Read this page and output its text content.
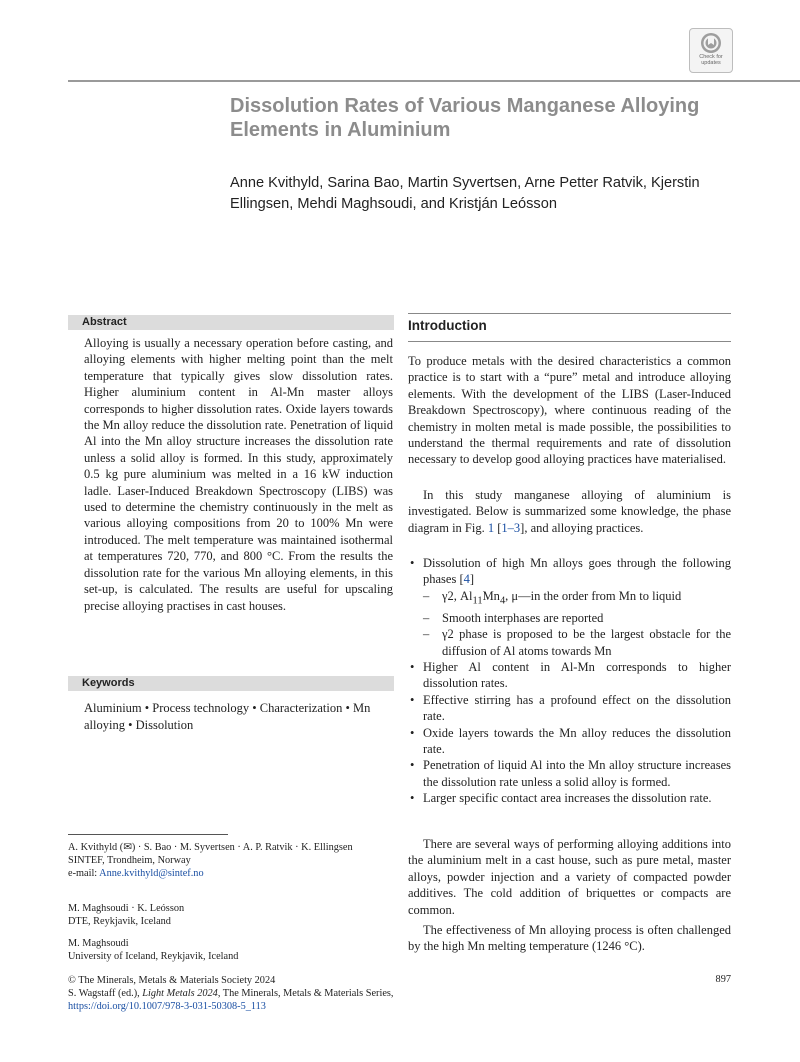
Check for
updates
Dissolution Rates of Various Manganese Alloying Elements in Aluminium
Anne Kvithyld, Sarina Bao, Martin Syvertsen, Arne Petter Ratvik, Kjerstin Ellingsen, Mehdi Maghsoudi, and Kristján Leósson
Abstract
Alloying is usually a necessary operation before casting, and alloying elements with higher melting point than the melt temperature that typically gives slow dissolution rates. Higher aluminium content in Al-Mn master alloys corresponds to higher dissolution rates. Oxide layers towards the Mn alloy reduce the dissolution rate. Penetration of liquid Al into the Mn alloy structure increases the dissolution rate unless a solid alloy is formed. In this study, approximately 0.5 kg pure aluminium was melted in a 16 kW induction ladle. Laser-Induced Breakdown Spectroscopy (LIBS) was used to determine the chemistry continuously in the melt as various alloying compositions from 20 to 100% Mn were introduced. The melt temperature was maintained isothermal at temperatures 720, 770, and 800 °C. From the results the dissolution rate for the various Mn alloying elements, in this set-up, is calculated. The results are useful for upscaling precise alloying practises in cast houses.
Keywords
Aluminium • Process technology • Characterization • Mn alloying • Dissolution

A. Kvithyld (✉) · S. Bao · M. Syvertsen · A. P. Ratvik · K. Ellingsen

SINTEF, Trondheim, Norway

e-mail: Anne.kvithyld@sintef.no

M. Maghsoudi · K. Leósson

DTE, Reykjavik, Iceland

M. Maghsoudi

University of Iceland, Reykjavik, Iceland

Introduction
To produce metals with the desired characteristics a common practice is to start with a “pure” metal and introduce alloying elements. With the development of the LIBS (Laser-Induced Breakdown Spectroscopy), where continuous reading of the chemistry in molten metal is made possible, the possibilities to understand the thermal requirements and rate of dissolution necessary to develop good alloying practices have materialised.
In this study manganese alloying of aluminium is investigated. Below is summarized some knowledge, the phase diagram in Fig. 1 [1–3], and alloying practices.

• Dissolution of high Mn alloys goes through the following phases [4]

– γ2, $Al_{11}Mn_4$, μ—in the order from Mn to liquid

– Smooth interphases are reported

– γ2 phase is proposed to be the largest obstacle for the diffusion of Al atoms towards Mn

• Higher Al content in Al-Mn corresponds to higher dissolution rates.

• Effective stirring has a profound effect on the dissolution rate.

• Oxide layers towards the Mn alloy reduces the dissolution rate.

• Penetration of liquid Al into the Mn alloy structure increases the dissolution rate unless a solid alloy is formed.

• Larger specific contact area increases the dissolution rate.

There are several ways of performing alloying additions into the aluminium melt in a cast house, such as pure metal, master alloys, powder injection and a variety of compacted powder additives. The cold addition of briquettes or compacts are common.
The effectiveness of Mn alloying process is often challenged by the high Mn melting temperature (1246 °C).

© The Minerals, Metals & Materials Society 2024

S. Wagstaff (ed.), Light Metals 2024, The Minerals, Metals & Materials Series,

https://doi.org/10.1007/978-3-031-50308-5_113

897
